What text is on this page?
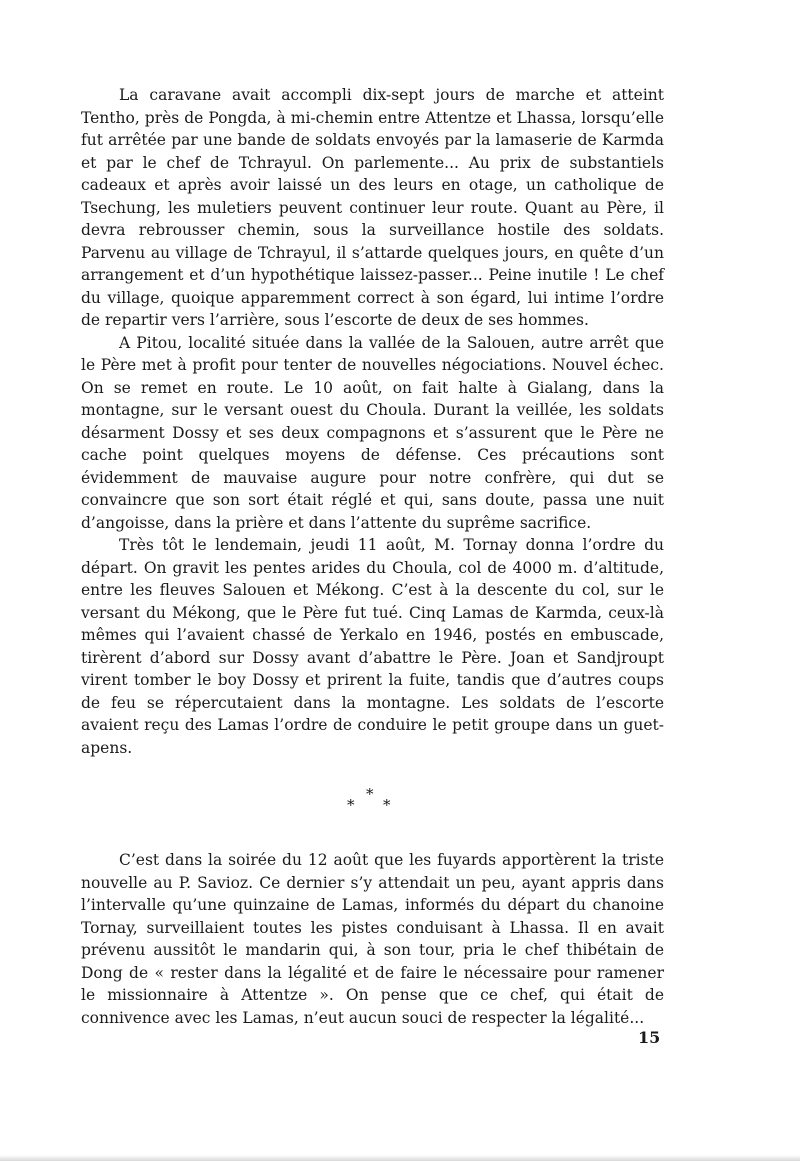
La caravane avait accompli dix-sept jours de marche et atteint Tentho, près de Pongda, à mi-chemin entre Attentze et Lhassa, lorsqu’elle fut arrêtée par une bande de soldats envoyés par la lamaserie de Karmda et par le chef de Tchrayul. On parlemente... Au prix de substantiels cadeaux et après avoir laissé un des leurs en otage, un catholique de Tsechung, les muletiers peuvent continuer leur route. Quant au Père, il devra rebrousser chemin, sous la surveillance hostile des soldats. Parvenu au village de Tchrayul, il s’attarde quelques jours, en quête d’un arrangement et d’un hypothétique laissez-passer... Peine inutile ! Le chef du village, quoique apparemment correct à son égard, lui intime l’ordre de repartir vers l’arrière, sous l’escorte de deux de ses hommes.

A Pitou, localité située dans la vallée de la Salouen, autre arrêt que le Père met à profit pour tenter de nouvelles négociations. Nouvel échec. On se remet en route. Le 10 août, on fait halte à Gialang, dans la montagne, sur le versant ouest du Choula. Durant la veillée, les soldats désarment Dossy et ses deux compagnons et s’assurent que le Père ne cache point quelques moyens de défense. Ces précautions sont évidemment de mauvaise augure pour notre confrère, qui dut se convaincre que son sort était réglé et qui, sans doute, passa une nuit d’angoisse, dans la prière et dans l’attente du suprême sacrifice.

Très tôt le lendemain, jeudi 11 août, M. Tornay donna l’ordre du départ. On gravit les pentes arides du Choula, col de 4000 m. d’altitude, entre les fleuves Salouen et Mékong. C’est à la descente du col, sur le versant du Mékong, que le Père fut tué. Cinq Lamas de Karmda, ceux-là mêmes qui l’avaient chassé de Yerkalo en 1946, postés en embuscade, tirèrent d’abord sur Dossy avant d’abattre le Père. Joan et Sandjroupt virent tomber le boy Dossy et prirent la fuite, tandis que d’autres coups de feu se répercutaient dans la montagne. Les soldats de l’escorte avaient reçu des Lamas l’ordre de conduire le petit groupe dans un guet-apens.

*
* *

C’est dans la soirée du 12 août que les fuyards apportèrent la triste nouvelle au P. Savioz. Ce dernier s’y attendait un peu, ayant appris dans l’intervalle qu’une quinzaine de Lamas, informés du départ du chanoine Tornay, surveillaient toutes les pistes conduisant à Lhassa. Il en avait prévenu aussitôt le mandarin qui, à son tour, pria le chef thibétain de Dong de « rester dans la légalité et de faire le nécessaire pour ramener le missionnaire à Attentze ». On pense que ce chef, qui était de connivence avec les Lamas, n’eut aucun souci de respecter la légalité...

15
